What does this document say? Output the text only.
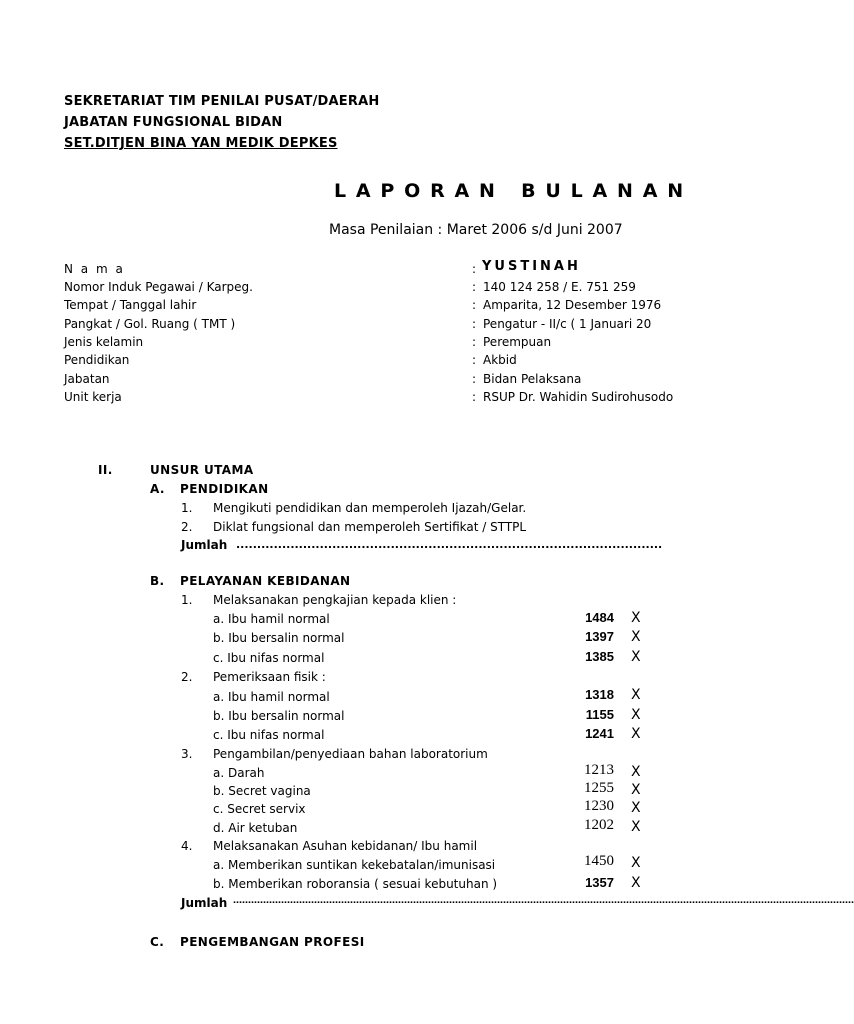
SEKRETARIAT TIM PENILAI PUSAT/DAERAH
JABATAN FUNGSIONAL BIDAN
SET.DITJEN BINA YAN MEDIK DEPKES
LAPORAN BULANAN
Masa Penilaian : Maret 2006 s/d Juni 2007
N a m a	: YUSTINAH
Nomor Induk Pegawai / Karpeg.	: 140 124 258 / E. 751 259
Tempat / Tanggal lahir	: Amparita, 12 Desember 1976
Pangkat / Gol. Ruang ( TMT )	: Pengatur - II/c ( 1 Januari 20
Jenis kelamin	: Perempuan
Pendidikan	: Akbid
Jabatan	: Bidan Pelaksana
Unit kerja	: RSUP Dr. Wahidin Sudirohusodo
II.	UNSUR UTAMA
A. PENDIDIKAN
1. Mengikuti pendidikan dan memperoleh Ijazah/Gelar.
2. Diklat fungsional dan memperoleh Sertifikat / STTPL
Jumlah ......................................................................................................
B. PELAYANAN KEBIDANAN
1. Melaksanakan pengkajian kepada klien :
a. Ibu hamil normal	1484 X
b. Ibu bersalin normal	1397 X
c. Ibu nifas normal	1385 X
2. Pemeriksaan fisik :
a. Ibu hamil normal	1318 X
b. Ibu bersalin normal	1155 X
c. Ibu nifas normal	1241 X
3. Pengambilan/penyediaan bahan laboratorium
a. Darah	1213 X
b. Secret vagina	1255 X
c. Secret servix	1230 X
d. Air ketuban	1202 X
4. Melaksanakan Asuhan kebidanan/ Ibu hamil
a. Memberikan suntikan kekebatalan/imunisasi	1450 X
b. Memberikan roboransia ( sesuai kebutuhan )	1357 X
Jumlah ………………………………………………………………………………………………………………………………………………………………………………………
C. PENGEMBANGAN PROFESI
